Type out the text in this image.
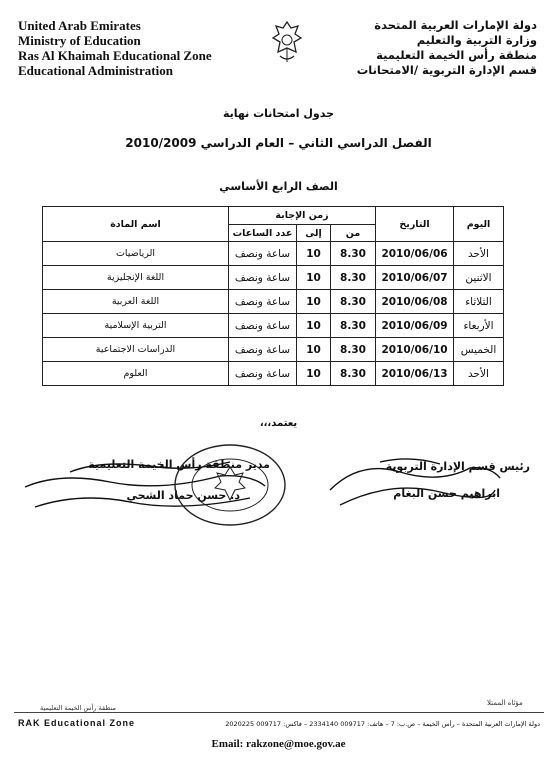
United Arab Emirates
Ministry of Education
Ras Al Khaimah Educational Zone
Educational Administration
دولة الإمارات العربية المتحدة
وزارة التربية والتعليم
منطقة رأس الخيمة التعليمية
قسم الإدارة التربوية /الامتحانات
جدول امتحانات نهاية
الفصل الدراسي الثاني – العام الدراسي 2010/2009
الصف الرابع الأساسي
اليوم	التاريخ	زمن الإجابة			اسم المادة
		من	إلى	عدد الساعات	
الأحد	2010/06/06	8.30	10	ساعة ونصف	الرياضيات
الاثنين	2010/06/07	8.30	10	ساعة ونصف	اللغة الإنجليزية
الثلاثاء	2010/06/08	8.30	10	ساعة ونصف	اللغة العربية
الأربعاء	2010/06/09	8.30	10	ساعة ونصف	التربية الإسلامية
الخميس	2010/06/10	8.30	10	ساعة ونصف	الدراسات الاجتماعية
الأحد	2010/06/13	8.30	10	ساعة ونصف	العلوم
يعتمد،،،
رئيس قسم الإدارة التربوية
ابراهيم حسن البغام
مدير منطقة رأس الخيمة التعليمية
د. حسن حماد الشحي
منطقة رأس الخيمة التعليمية
مؤثاه الممتلا
RAK Educational Zone	دولة الإمارات العربية المتحدة – رأس الخيمة – ص.ب: 7 – هاتف: 009717 2334140 – فاكس: 009717 2020225
Email: rakzone@moe.gov.ae
